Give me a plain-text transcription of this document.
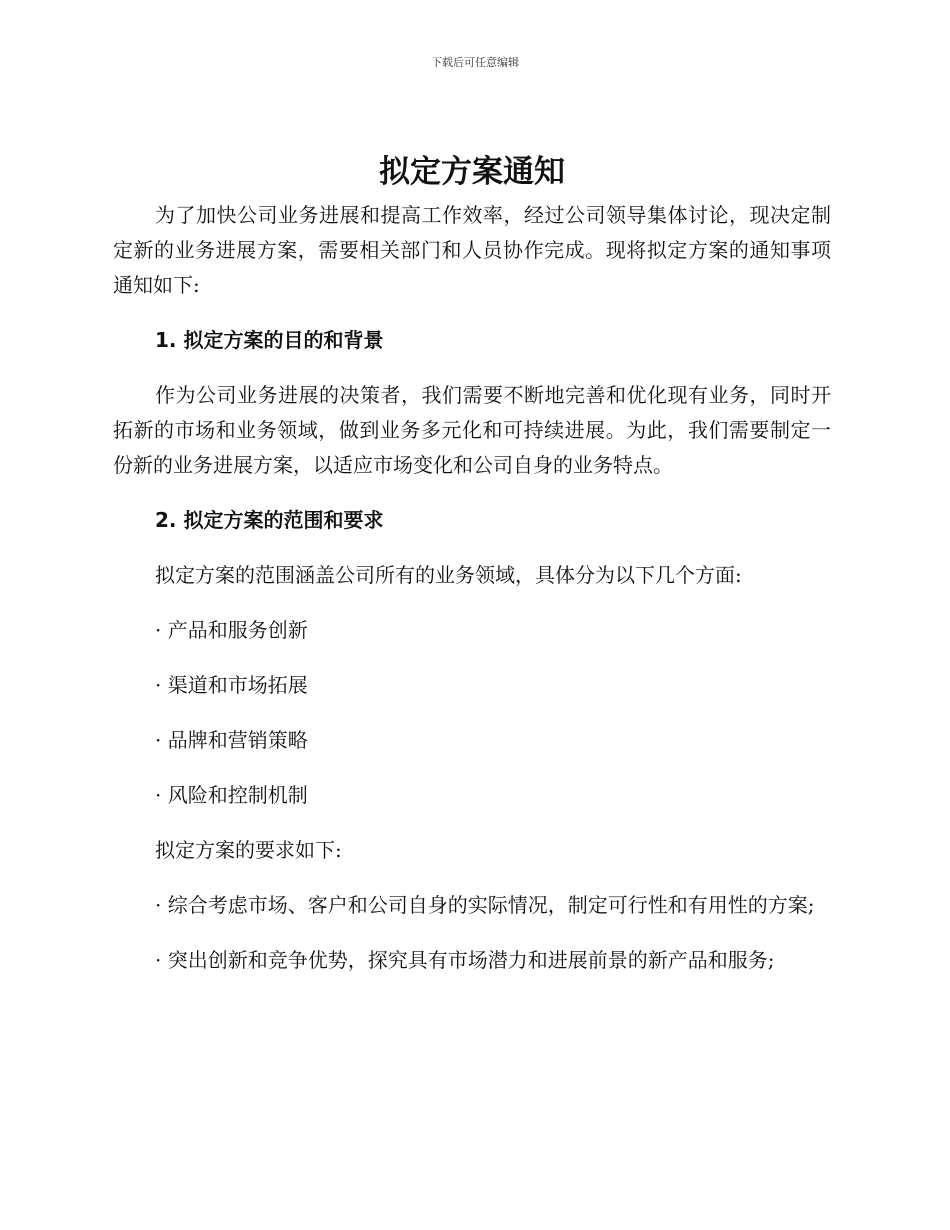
下载后可任意编辑
拟定方案通知

为了加快公司业务进展和提高工作效率，经过公司领导集体讨论，现决定制定新的业务进展方案，需要相关部门和人员协作完成。现将拟定方案的通知事项通知如下:

1. 拟定方案的目的和背景

作为公司业务进展的决策者，我们需要不断地完善和优化现有业务，同时开拓新的市场和业务领域，做到业务多元化和可持续进展。为此，我们需要制定一份新的业务进展方案，以适应市场变化和公司自身的业务特点。

2. 拟定方案的范围和要求

拟定方案的范围涵盖公司所有的业务领域，具体分为以下几个方面:

· 产品和服务创新

· 渠道和市场拓展

· 品牌和营销策略

· 风险和控制机制

拟定方案的要求如下:

· 综合考虑市场、客户和公司自身的实际情况，制定可行性和有用性的方案;

· 突出创新和竞争优势，探究具有市场潜力和进展前景的新产品和服务;
